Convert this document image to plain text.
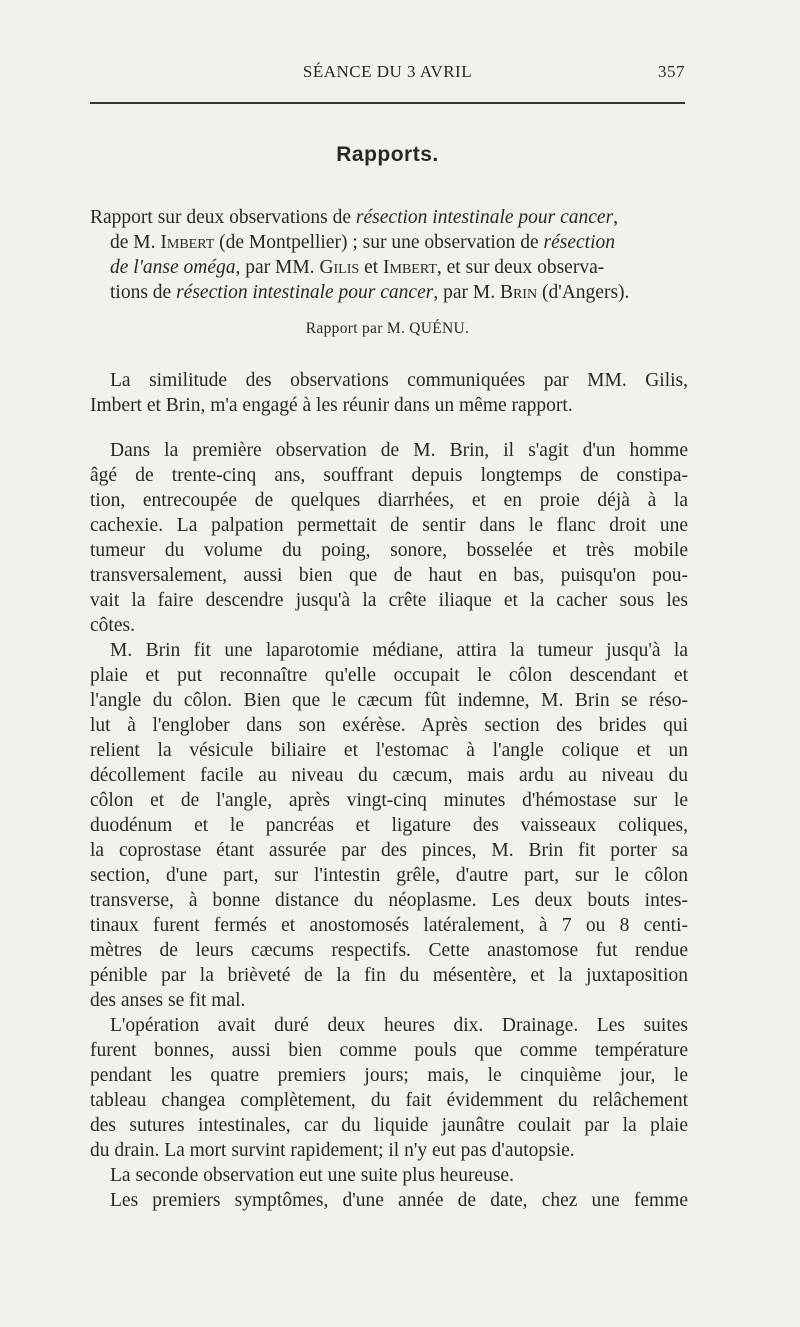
SÉANCE DU 3 AVRIL	357
Rapports.
Rapport sur deux observations de résection intestinale pour cancer,
de M. Imbert (de Montpellier) ; sur une observation de résection
de l'anse oméga, par MM. Gilis et Imbert, et sur deux observa-
tions de résection intestinale pour cancer, par M. Brin (d'Angers).
Rapport par M. QUÉNU.
La similitude des observations communiquées par MM. Gilis,
Imbert et Brin, m'a engagé à les réunir dans un même rapport.
Dans la première observation de M. Brin, il s'agit d'un homme
âgé de trente-cinq ans, souffrant depuis longtemps de constipa-
tion, entrecoupée de quelques diarrhées, et en proie déjà à la
cachexie. La palpation permettait de sentir dans le flanc droit une
tumeur du volume du poing, sonore, bosselée et très mobile
transversalement, aussi bien que de haut en bas, puisqu'on pou-
vait la faire descendre jusqu'à la crête iliaque et la cacher sous les
côtes.
M. Brin fit une laparotomie médiane, attira la tumeur jusqu'à la
plaie et put reconnaître qu'elle occupait le côlon descendant et
l'angle du côlon. Bien que le cæcum fût indemne, M. Brin se réso-
lut à l'englober dans son exérèse. Après section des brides qui
relient la vésicule biliaire et l'estomac à l'angle colique et un
décollement facile au niveau du cæcum, mais ardu au niveau du
côlon et de l'angle, après vingt-cinq minutes d'hémostase sur le
duodénum et le pancréas et ligature des vaisseaux coliques,
la coprostase étant assurée par des pinces, M. Brin fit porter sa
section, d'une part, sur l'intestin grêle, d'autre part, sur le côlon
transverse, à bonne distance du néoplasme. Les deux bouts intes-
tinaux furent fermés et anostomosés latéralement, à 7 ou 8 centi-
mètres de leurs cæcums respectifs. Cette anastomose fut rendue
pénible par la brièveté de la fin du mésentère, et la juxtaposition
des anses se fit mal.
L'opération avait duré deux heures dix. Drainage. Les suites
furent bonnes, aussi bien comme pouls que comme température
pendant les quatre premiers jours; mais, le cinquième jour, le
tableau changea complètement, du fait évidemment du relâchement
des sutures intestinales, car du liquide jaunâtre coulait par la plaie
du drain. La mort survint rapidement; il n'y eut pas d'autopsie.
La seconde observation eut une suite plus heureuse.
Les premiers symptômes, d'une année de date, chez une femme
